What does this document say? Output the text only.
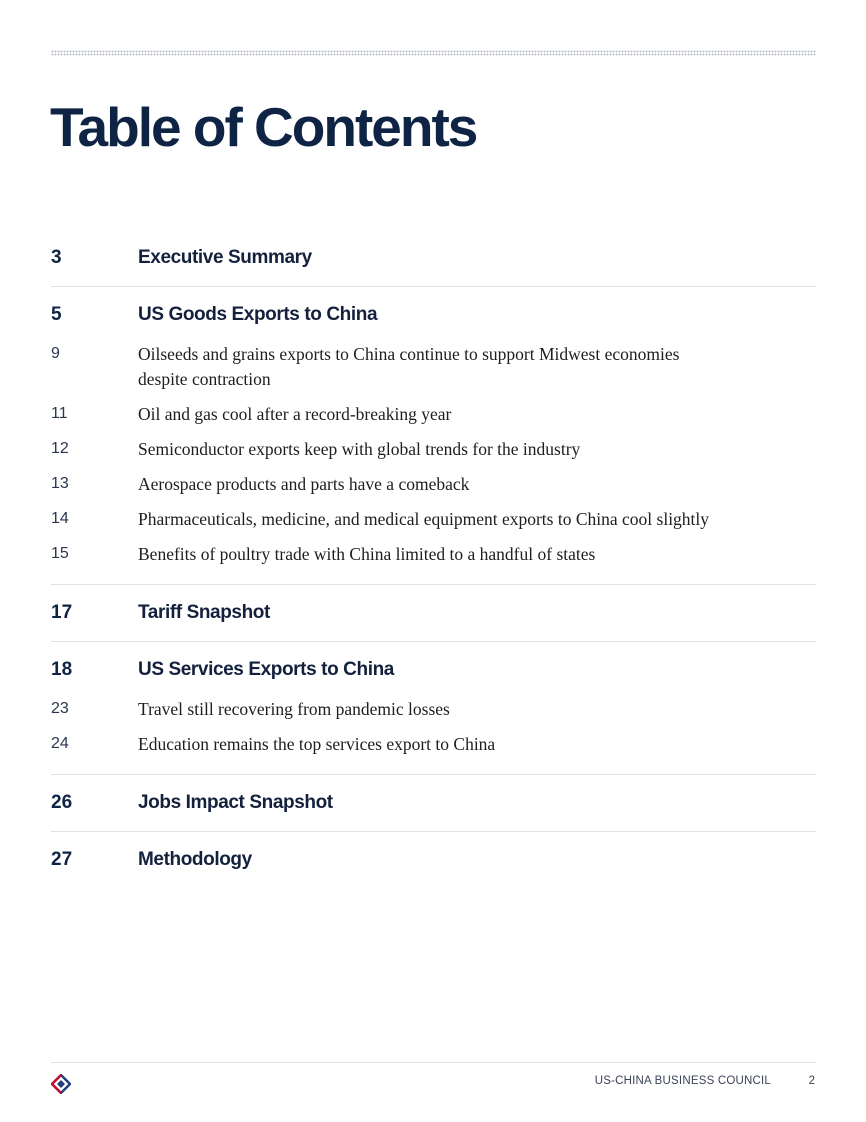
Table of Contents
3	Executive Summary
5	US Goods Exports to China
9	Oilseeds and grains exports to China continue to support Midwest economies despite contraction
11	Oil and gas cool after a record-breaking year
12	Semiconductor exports keep with global trends for the industry
13	Aerospace products and parts have a comeback
14	Pharmaceuticals, medicine, and medical equipment exports to China cool slightly
15	Benefits of poultry trade with China limited to a handful of states
17	Tariff Snapshot
18	US Services Exports to China
23	Travel still recovering from pandemic losses
24	Education remains the top services export to China
26	Jobs Impact Snapshot
27	Methodology
US-CHINA BUSINESS COUNCIL	2
